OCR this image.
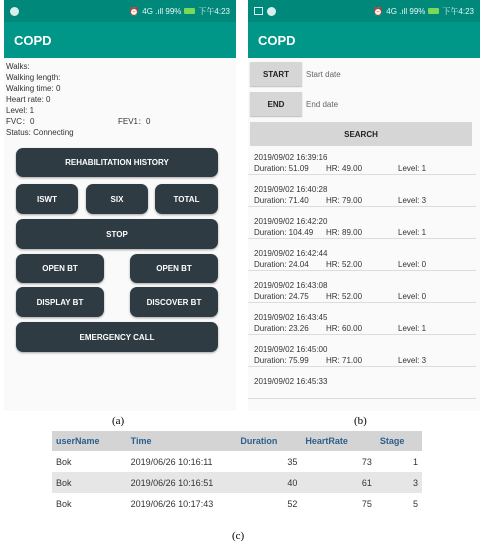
⏰ 4G .ıll 99% 下午4:23
COPD
Walks:
Walking length:
Walking time: 0
Heart rate: 0
Level: 1
FVC：0	FEV1：0
Status: Connecting
REHABILITATION HISTORY
ISWT	SIX	TOTAL
STOP
OPEN BT	OPEN BT
DISPLAY BT	DISCOVER BT
EMERGENCY CALL
⏰ 4G .ıll 99% 下午4:23
COPD
START	Start date
END	End date
SEARCH
2019/09/02 16:39:16
Duration: 51.09 HR: 49.00	Level: 1
2019/09/02 16:40:28
Duration: 71.40 HR: 79.00	Level: 3
2019/09/02 16:42:20
Duration: 104.49 HR: 89.00	Level: 1
2019/09/02 16:42:44
Duration: 24.04 HR: 52.00	Level: 0
2019/09/02 16:43:08
Duration: 24.75 HR: 52.00	Level: 0
2019/09/02 16:43:45
Duration: 23.26 HR: 60.00	Level: 1
2019/09/02 16:45:00
Duration: 75.99 HR: 71.00	Level: 3
2019/09/02 16:45:33
(a)	(b)
(c)
userName	Time	Duration	HeartRate	Stage
Bok	2019/06/26 10:16:11	35	73	1
Bok	2019/06/26 10:16:51	40	61	3
Bok	2019/06/26 10:17:43	52	75	5
